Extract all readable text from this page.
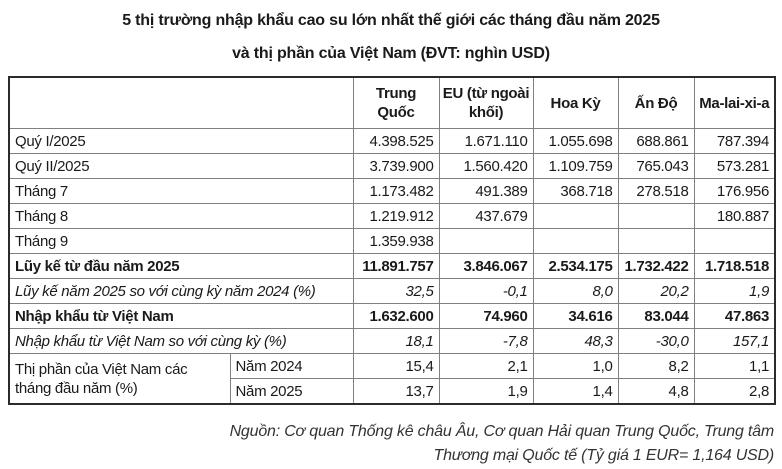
5 thị trường nhập khẩu cao su lớn nhất thế giới các tháng đầu năm 2025
và thị phần của Việt Nam (ĐVT: nghìn USD)
		Trung Quốc	EU (từ ngoài khối)	Hoa Kỳ	Ấn Độ	Ma-lai-xi-a
Quý I/2025		4.398.525	1.671.110	1.055.698	688.861	787.394
Quý II/2025		3.739.900	1.560.420	1.109.759	765.043	573.281
Tháng 7		1.173.482	491.389	368.718	278.518	176.956
Tháng 8		1.219.912	437.679			180.887
Tháng 9		1.359.938				
Lũy kế từ đầu năm 2025		11.891.757	3.846.067	2.534.175	1.732.422	1.718.518
Lũy kế năm 2025 so với cùng kỳ năm 2024 (%)		32,5	-0,1	8,0	20,2	1,9
Nhập khẩu từ Việt Nam		1.632.600	74.960	34.616	83.044	47.863
Nhập khẩu từ Việt Nam so với cùng kỳ (%)		18,1	-7,8	48,3	-30,0	157,1
Thị phần của Việt Nam các tháng đầu năm (%)	Năm 2024	15,4	2,1	1,0	8,2	1,1
	Năm 2025	13,7	1,9	1,4	4,8	2,8
Nguồn: Cơ quan Thống kê châu Âu, Cơ quan Hải quan Trung Quốc, Trung tâm
Thương mại Quốc tế (Tỷ giá 1 EUR= 1,164 USD)
